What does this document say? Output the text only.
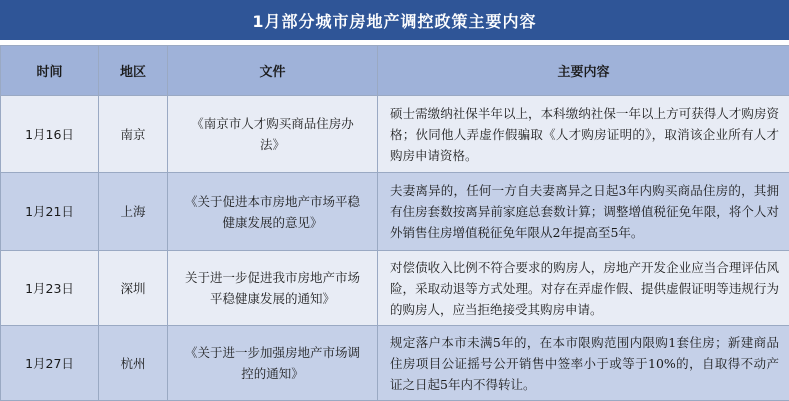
1月部分城市房地产调控政策主要内容
时间	地区	文件	主要内容
1月16日	南京	《南京市人才购买商品住房办法》	硕士需缴纳社保半年以上，本科缴纳社保一年以上方可获得人才购房资格；伙同他人弄虚作假骗取《人才购房证明的》，取消该企业所有人才购房申请资格。
1月21日	上海	《关于促进本市房地产市场平稳健康发展的意见》	夫妻离异的，任何一方自夫妻离异之日起3年内购买商品住房的，其拥有住房套数按离异前家庭总套数计算；调整增值税征免年限，将个人对外销售住房增值税征免年限从2年提高至5年。
1月23日	深圳	关于进一步促进我市房地产市场平稳健康发展的通知》	对偿债收入比例不符合要求的购房人，房地产开发企业应当合理评估风险，采取动退等方式处理。对存在弄虚作假、提供虚假证明等违规行为的购房人，应当拒绝接受其购房申请。
1月27日	杭州	《关于进一步加强房地产市场调控的通知》	规定落户本市未满5年的，在本市限购范围内限购1套住房；新建商品住房项目公证摇号公开销售中签率小于或等于10%的，自取得不动产证之日起5年内不得转让。
